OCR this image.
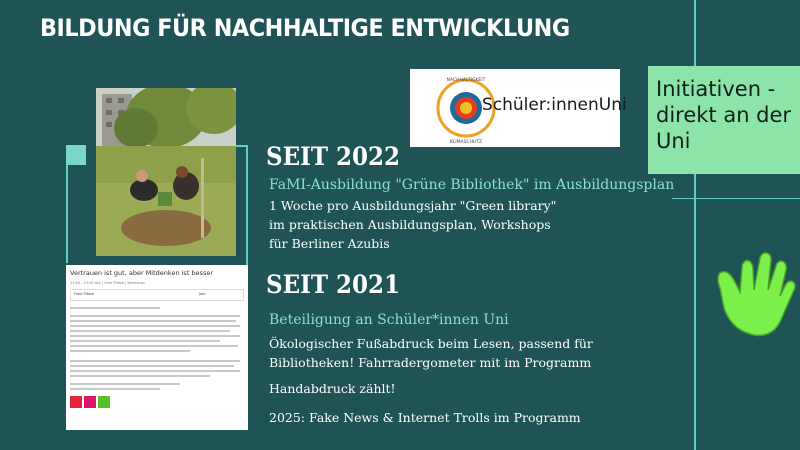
BILDUNG FÜR NACHHALTIGE ENTWICKLUNG
NACHHALTIGKEIT
KLIMASCHUTZ
Schüler:innenUni
Initiativen - direkt an der Uni
SEIT 2022
FaMI-Ausbildung "Grüne Bibliothek" im Ausbildungsplan
1 Woche pro Ausbildungsjahr "Green library" im praktischen Ausbildungsplan, Workshops für Berliner Azubis
Vertrauen ist gut, aber Mitdenken ist besser
11:00 - 13:00 Uhr | freie Plätze | Workshop
Freie Plätze	Jahr SEIT 2021
Beteiligung an Schüler*innen Uni
Ökologischer Fußabdruck beim Lesen, passend für Bibliotheken! Fahrradergometer mit im Programm
Handabdruck zählt!
2025: Fake News & Internet Trolls im Programm
